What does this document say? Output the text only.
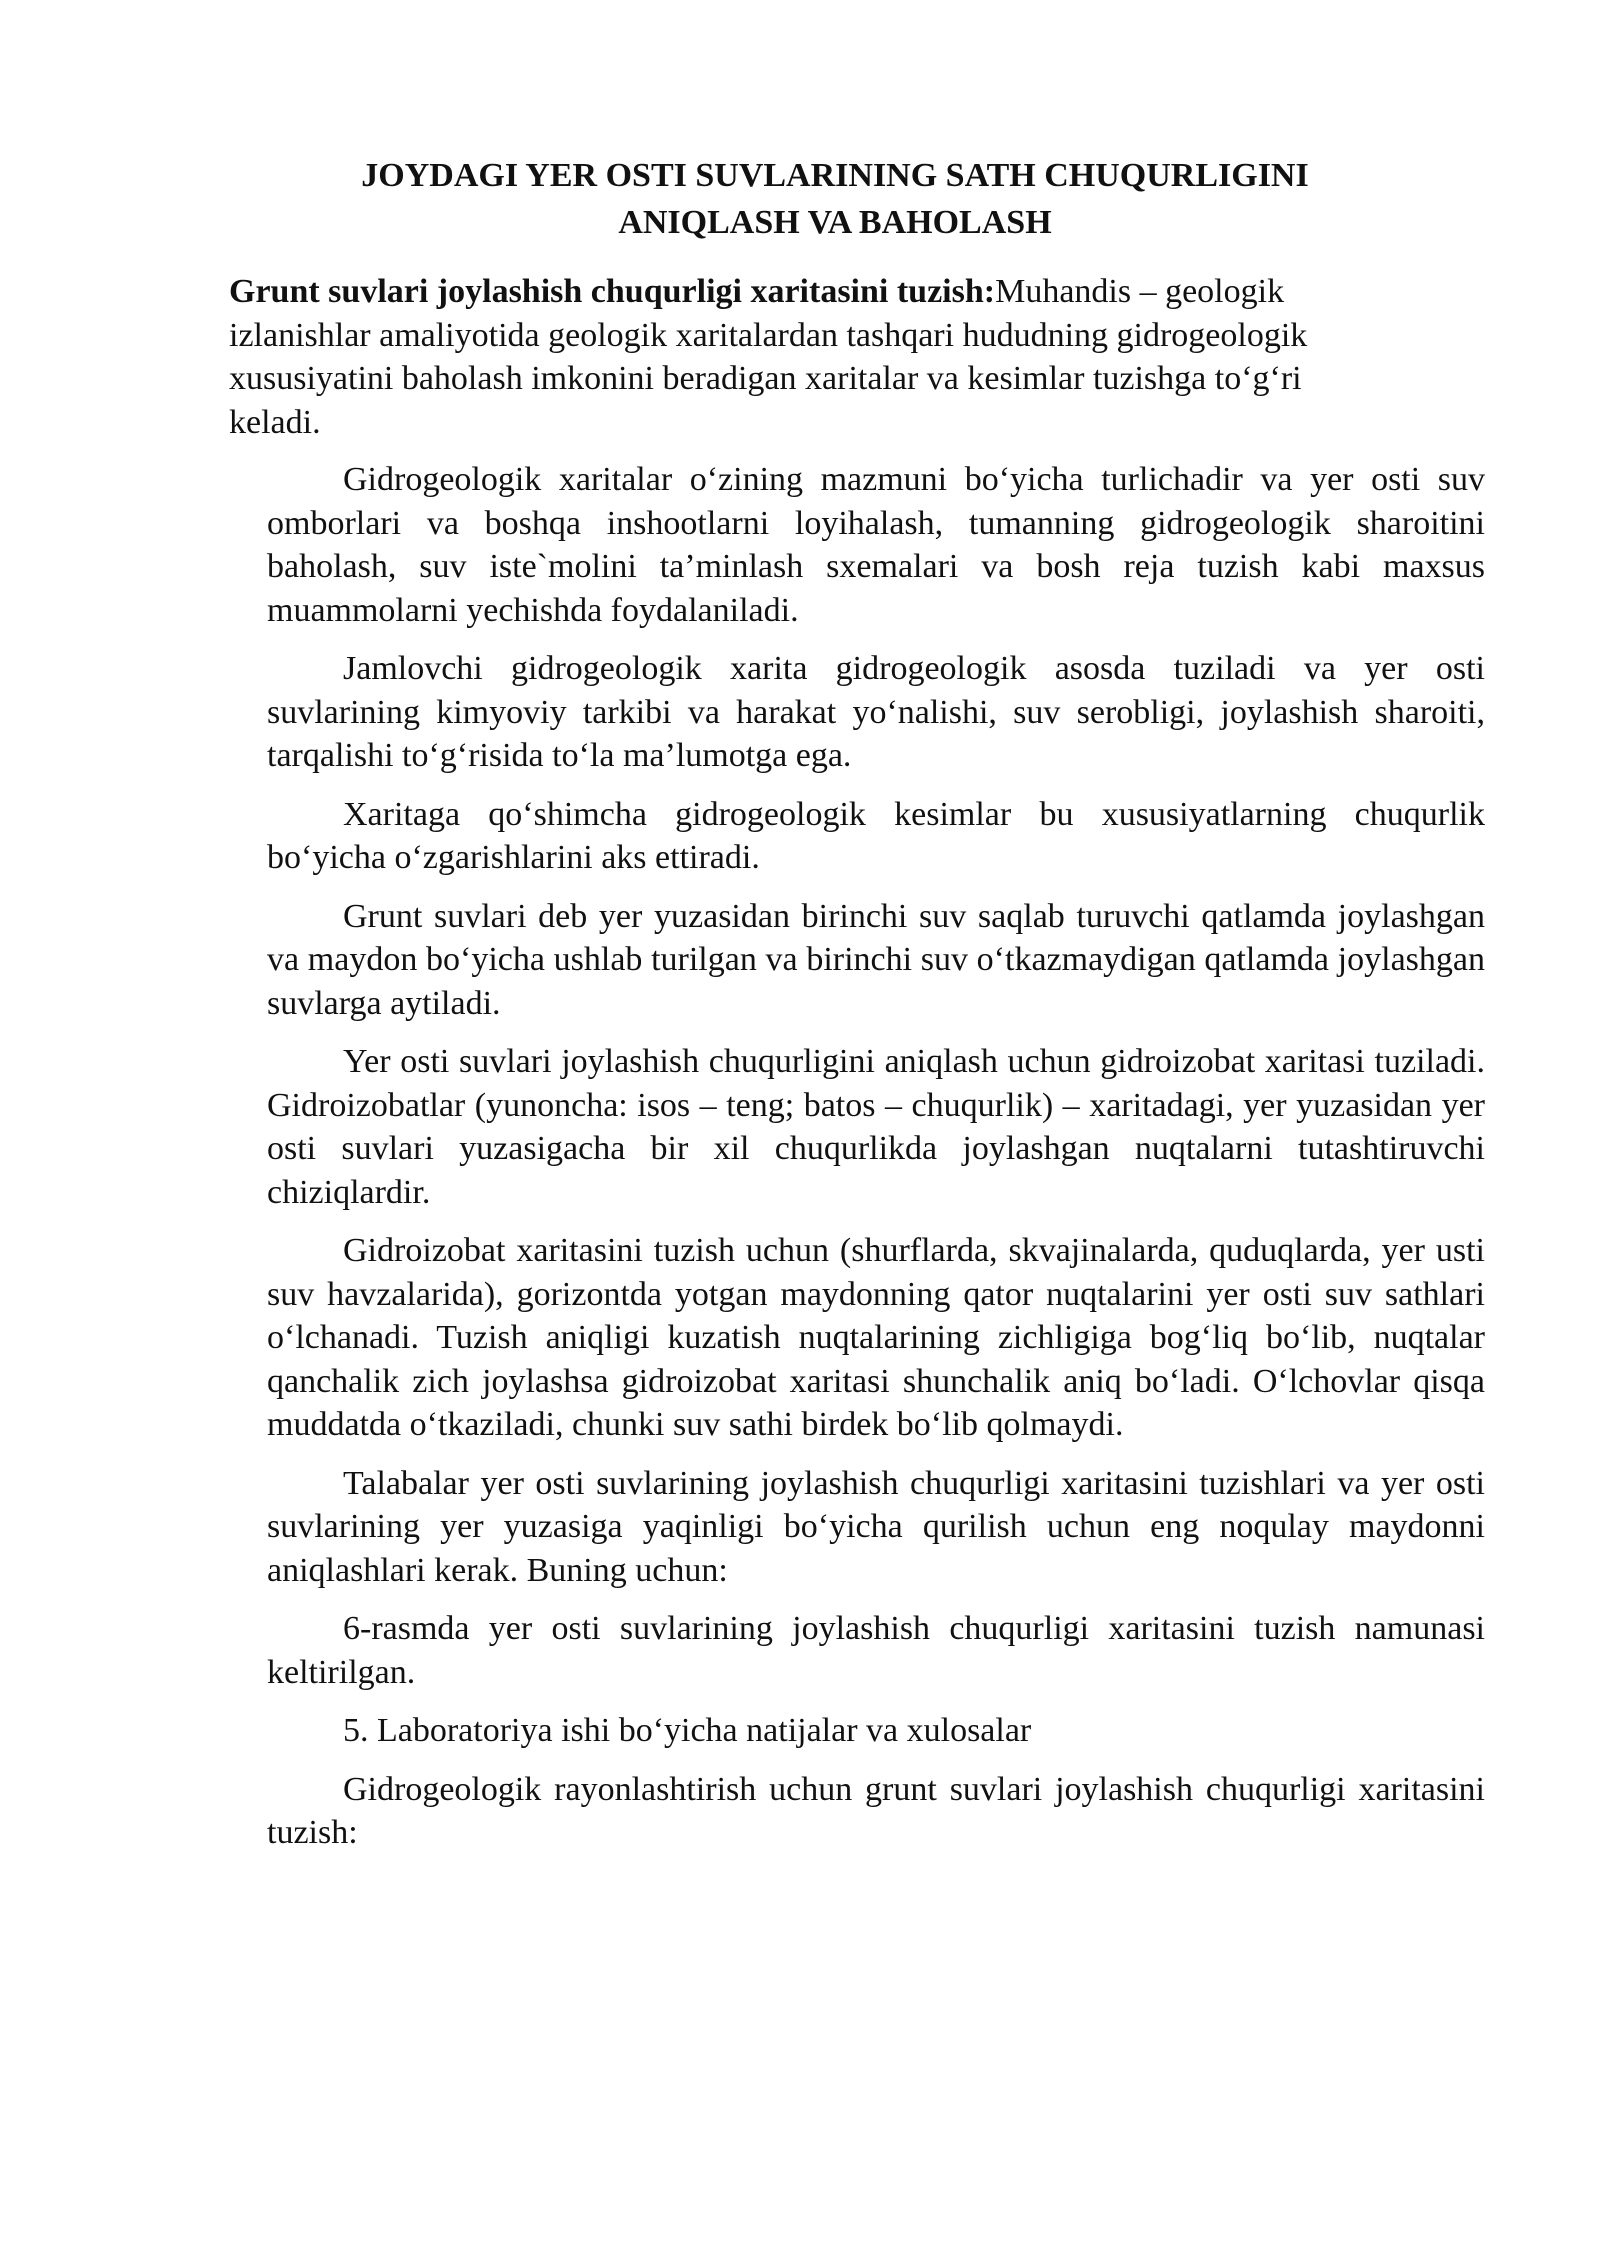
JOYDAGI YER OSTI SUVLARINING SATH CHUQURLIGINI
ANIQLASH VA BAHOLASH

Grunt suvlari joylashish chuqurligi xaritasini tuzish:Muhandis – geologik izlanishlar amaliyotida geologik xaritalardan tashqari hududning gidrogeologik xususiyatini baholash imkonini beradigan xaritalar va kesimlar tuzishga to‘g‘ri keladi.

Gidrogeologik xaritalar o‘zining mazmuni bo‘yicha turlichadir va yer osti suv omborlari va boshqa inshootlarni loyihalash, tumanning gidrogeologik sharoitini baholash, suv iste`molini ta’minlash sxemalari va bosh reja tuzish kabi maxsus muammolarni yechishda foydalaniladi.

Jamlovchi gidrogeologik xarita gidrogeologik asosda tuziladi va yer osti suvlarining kimyoviy tarkibi va harakat yo‘nalishi, suv serobligi, joylashish sharoiti, tarqalishi to‘g‘risida to‘la ma’lumotga ega.

Xaritaga qo‘shimcha gidrogeologik kesimlar bu xususiyatlarning chuqurlik bo‘yicha o‘zgarishlarini aks ettiradi.

Grunt suvlari deb yer yuzasidan birinchi suv saqlab turuvchi qatlamda joylashgan va maydon bo‘yicha ushlab turilgan va birinchi suv o‘tkazmaydigan qatlamda joylashgan suvlarga aytiladi.

Yer osti suvlari joylashish chuqurligini aniqlash uchun gidroizobat xaritasi tuziladi. Gidroizobatlar (yunoncha: isos – teng; batos – chuqurlik) – xaritadagi, yer yuzasidan yer osti suvlari yuzasigacha bir xil chuqurlikda joylashgan nuqtalarni tutashtiruvchi chiziqlardir.

Gidroizobat xaritasini tuzish uchun (shurflarda, skvajinalarda, quduqlarda, yer usti suv havzalarida), gorizontda yotgan maydonning qator nuqtalarini yer osti suv sathlari o‘lchanadi. Tuzish aniqligi kuzatish nuqtalarining zichligiga bog‘liq bo‘lib, nuqtalar qanchalik zich joylashsa gidroizobat xaritasi shunchalik aniq bo‘ladi. O‘lchovlar qisqa muddatda o‘tkaziladi, chunki suv sathi birdek bo‘lib qolmaydi.

Talabalar yer osti suvlarining joylashish chuqurligi xaritasini tuzishlari va yer osti suvlarining yer yuzasiga yaqinligi bo‘yicha qurilish uchun eng noqulay maydonni aniqlashlari kerak. Buning uchun:

6-rasmda yer osti suvlarining joylashish chuqurligi xaritasini tuzish namunasi keltirilgan.

5. Laboratoriya ishi bo‘yicha natijalar va xulosalar

Gidrogeologik rayonlashtirish uchun grunt suvlari joylashish chuqurligi xaritasini tuzish:
